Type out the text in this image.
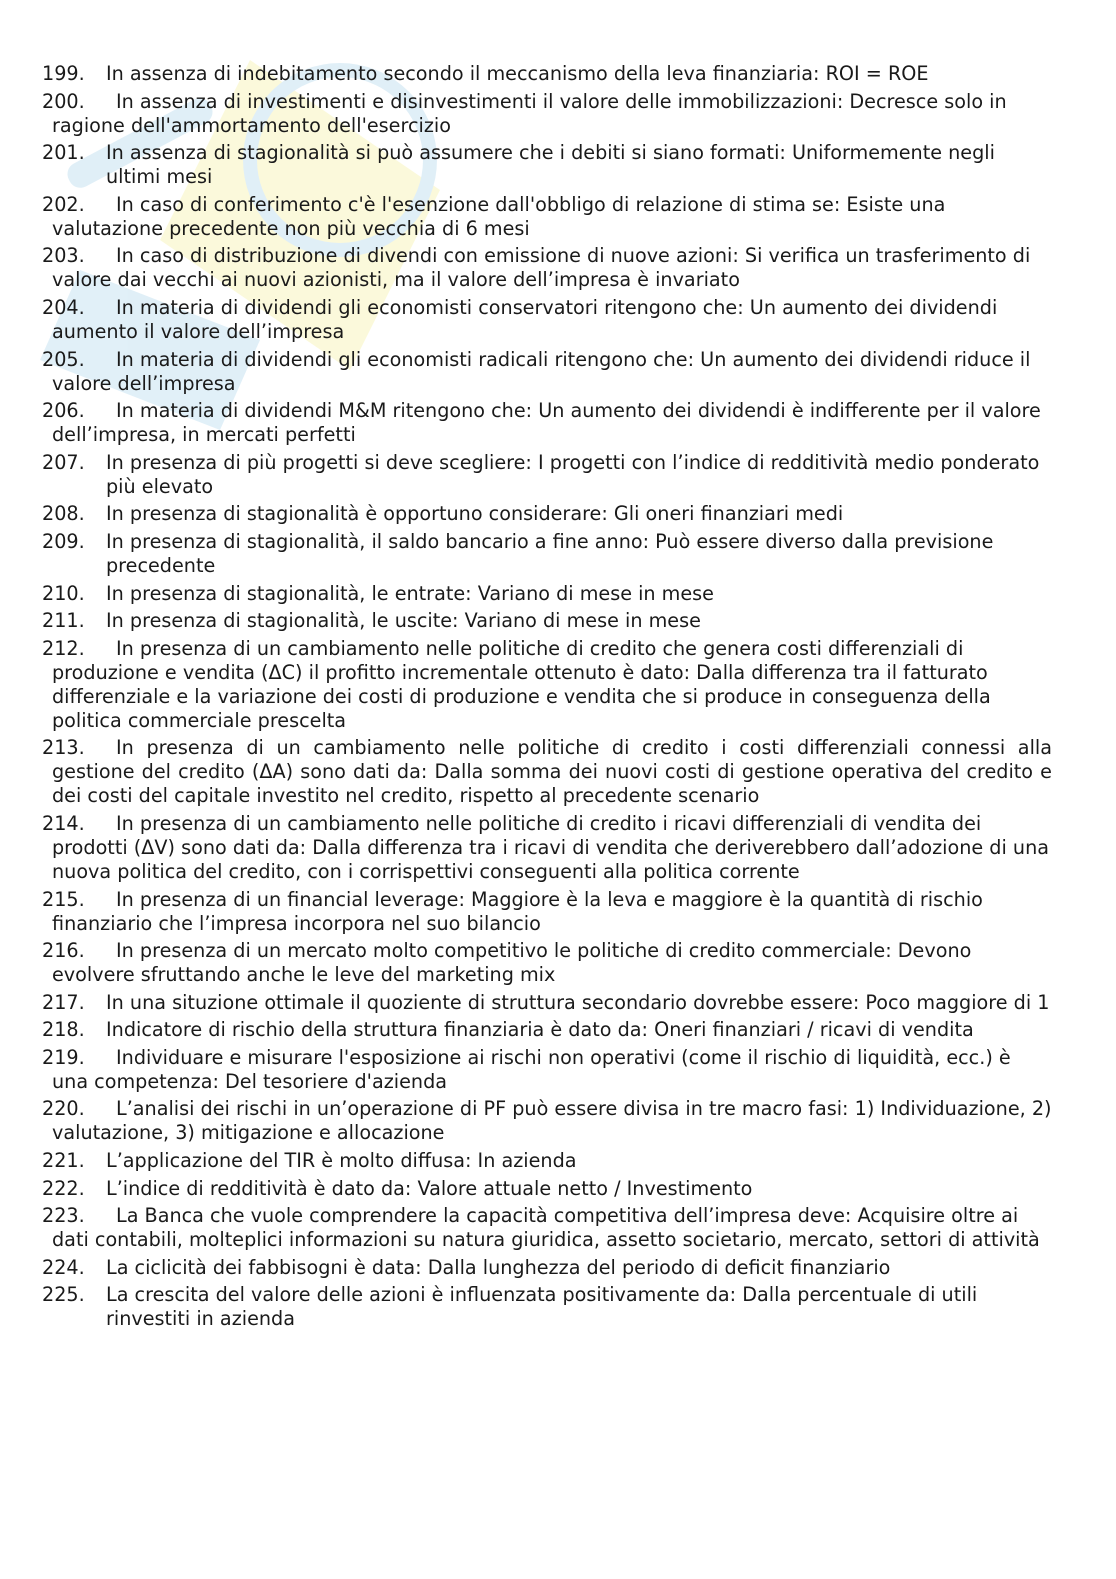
199.	In assenza di indebitamento secondo il meccanismo della leva finanziaria: ROI = ROE
200.	In assenza di investimenti e disinvestimenti il valore delle immobilizzazioni: Decresce solo in ragione dell'ammortamento dell'esercizio
201.	In assenza di stagionalità si può assumere che i debiti si siano formati: Uniformemente negli ultimi mesi
202.	In caso di conferimento c'è l'esenzione dall'obbligo di relazione di stima se: Esiste una valutazione precedente non più vecchia di 6 mesi
203.	In caso di distribuzione di divendi con emissione di nuove azioni: Si verifica un trasferimento di valore dai vecchi ai nuovi azionisti, ma il valore dell’impresa è invariato
204.	In materia di dividendi gli economisti conservatori ritengono che: Un aumento dei dividendi aumento il valore dell’impresa
205.	In materia di dividendi gli economisti radicali ritengono che: Un aumento dei dividendi riduce il valore dell’impresa
206.	In materia di dividendi M&M ritengono che: Un aumento dei dividendi è indifferente per il valore dell’impresa, in mercati perfetti
207.	In presenza di più progetti si deve scegliere: I progetti con l’indice di redditività medio ponderato più elevato
208.	In presenza di stagionalità è opportuno considerare: Gli oneri finanziari medi
209.	In presenza di stagionalità, il saldo bancario a fine anno: Può essere diverso dalla previsione precedente
210.	In presenza di stagionalità, le entrate: Variano di mese in mese
211.	In presenza di stagionalità, le uscite: Variano di mese in mese
212.	In presenza di un cambiamento nelle politiche di credito che genera costi differenziali di produzione e vendita (ΔC) il profitto incrementale ottenuto è dato: Dalla differenza tra il fatturato differenziale e la variazione dei costi di produzione e vendita che si produce in conseguenza della politica commerciale prescelta
213.	In presenza di un cambiamento nelle politiche di credito i costi differenziali connessi alla gestione del credito (ΔA) sono dati da: Dalla somma dei nuovi costi di gestione operativa del credito e dei costi del capitale investito nel credito, rispetto al precedente scenario
214.	In presenza di un cambiamento nelle politiche di credito i ricavi differenziali di vendita dei prodotti (ΔV) sono dati da: Dalla differenza tra i ricavi di vendita che deriverebbero dall’adozione di una nuova politica del credito, con i corrispettivi conseguenti alla politica corrente
215.	In presenza di un financial leverage: Maggiore è la leva e maggiore è la quantità di rischio finanziario che l’impresa incorpora nel suo bilancio
216.	In presenza di un mercato molto competitivo le politiche di credito commerciale: Devono evolvere sfruttando anche le leve del marketing mix
217.	In una situzione ottimale il quoziente di struttura secondario dovrebbe essere: Poco maggiore di 1
218.	Indicatore di rischio della struttura finanziaria è dato da: Oneri finanziari / ricavi di vendita
219.	Individuare e misurare l'esposizione ai rischi non operativi (come il rischio di liquidità, ecc.) è una competenza: Del tesoriere d'azienda
220.	L’analisi dei rischi in un’operazione di PF può essere divisa in tre macro fasi: 1) Individuazione, 2) valutazione, 3) mitigazione e allocazione
221.	L’applicazione del TIR è molto diffusa: In azienda
222.	L’indice di redditività è dato da: Valore attuale netto / Investimento
223.	La Banca che vuole comprendere la capacità competitiva dell’impresa deve: Acquisire oltre ai dati contabili, molteplici informazioni su natura giuridica, assetto societario, mercato, settori di attività
224.	La ciclicità dei fabbisogni è data: Dalla lunghezza del periodo di deficit finanziario
225.	La crescita del valore delle azioni è influenzata positivamente da: Dalla percentuale di utili rinvestiti in azienda
